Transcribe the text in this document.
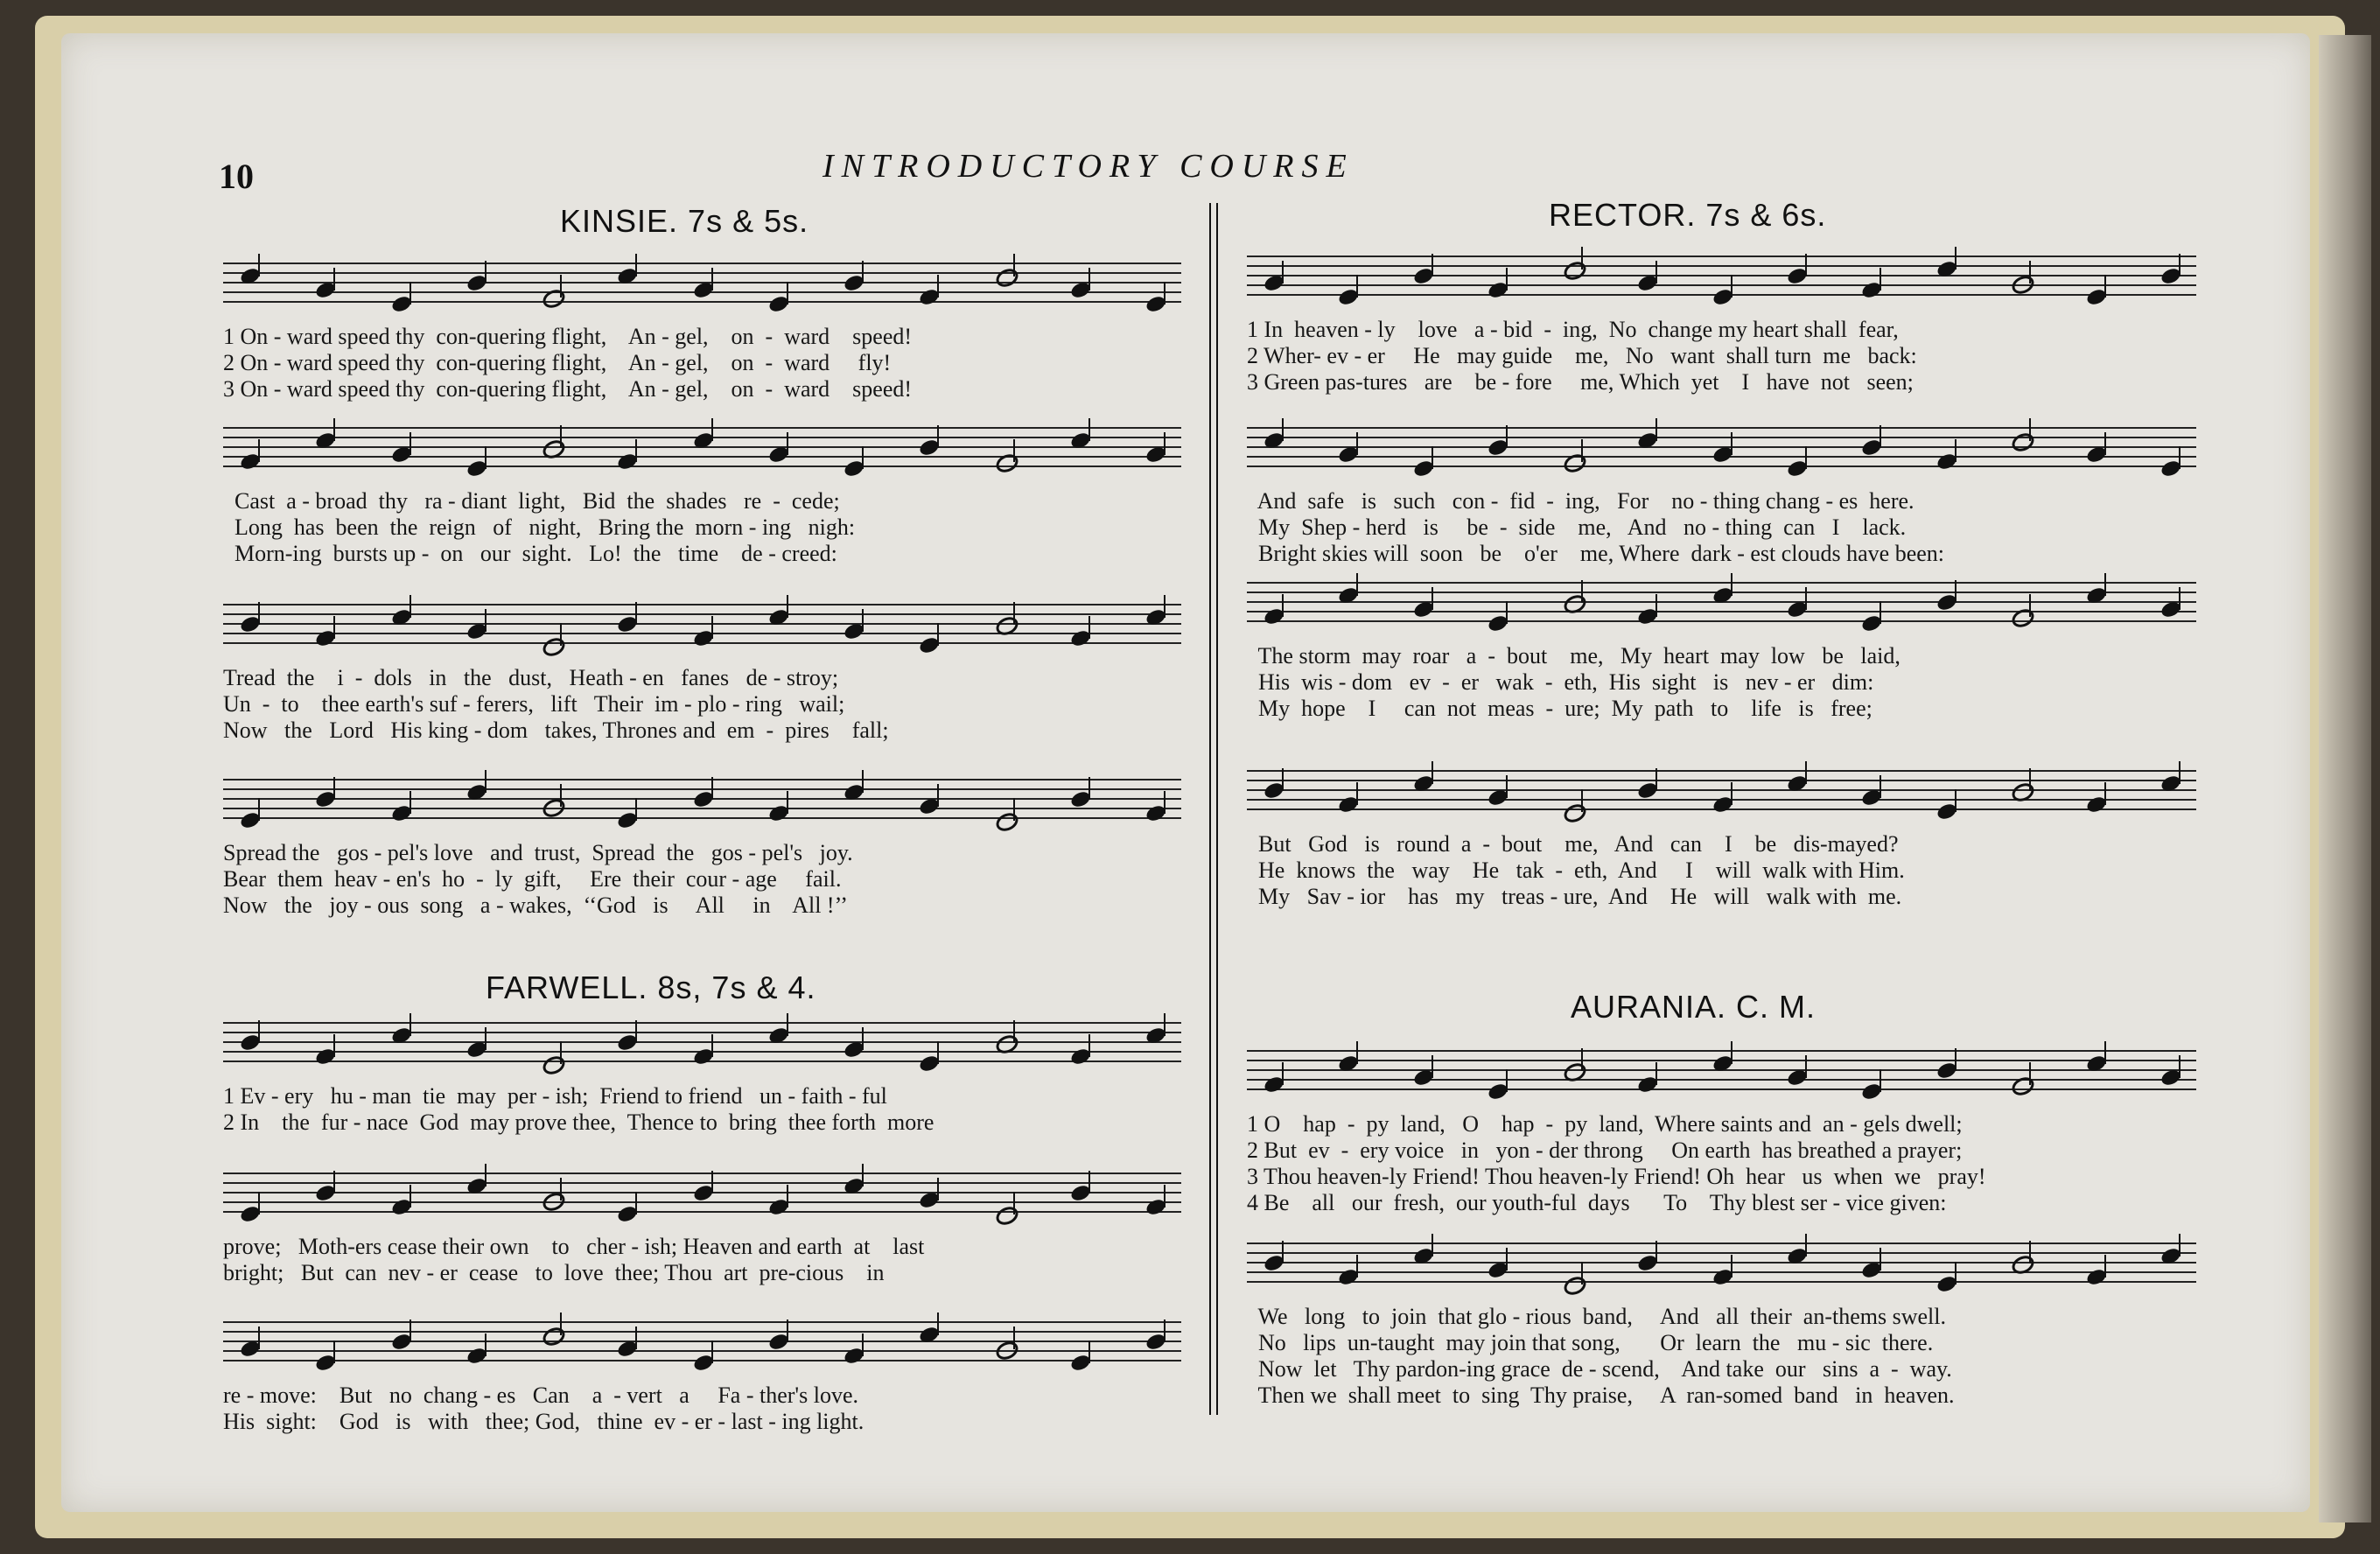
10	INTRODUCTORY COURSE
KINSIE. 7s & 5s.
1 On - ward speed thy  con-quering flight,    An - gel,    on  -  ward    speed!
2 On - ward speed thy  con-quering flight,    An - gel,    on  -  ward     fly!
3 On - ward speed thy  con-quering flight,    An - gel,    on  -  ward    speed!
Cast  a - broad  thy   ra - diant  light,   Bid  the  shades   re  -  cede;
Long  has  been  the  reign   of   night,   Bring the  morn - ing   nigh:
Morn-ing  bursts up -  on   our  sight.   Lo!  the   time    de - creed:
Tread  the    i  -  dols   in   the   dust,   Heath - en   fanes   de - stroy;
Un  -  to    thee earth's suf - ferers,   lift   Their  im - plo - ring   wail;
Now   the   Lord   His king - dom   takes, Thrones and  em  -  pires    fall;
Spread the   gos - pel's love   and  trust,  Spread  the   gos - pel's   joy.
Bear  them  heav - en's  ho  -  ly  gift,     Ere  their  cour - age     fail.
Now   the   joy - ous  song   a - wakes,  ‘‘God   is     All     in    All !’’
FARWELL. 8s, 7s & 4.
1 Ev - ery   hu - man  tie  may  per - ish;  Friend to friend   un - faith - ful
2 In    the  fur - nace  God  may prove thee,  Thence to  bring  thee forth  more
prove;   Moth-ers cease their own    to   cher - ish; Heaven and earth  at    last
bright;   But  can  nev - er  cease   to  love  thee; Thou  art  pre-cious    in
re - move:    But   no  chang - es   Can    a  - vert   a     Fa - ther's love.
His  sight:    God   is   with   thee; God,   thine  ev - er - last - ing light.
RECTOR. 7s & 6s.
1 In  heaven - ly    love   a - bid  -  ing,  No  change my heart shall  fear,
2 Wher- ev - er     He   may guide    me,   No   want  shall turn  me   back:
3 Green pas-tures   are    be - fore     me, Which  yet    I   have  not   seen;
And  safe   is   such   con -  fid  -  ing,   For    no - thing chang - es  here.
My  Shep - herd   is     be  -  side    me,   And   no - thing  can   I    lack.
Bright skies will  soon   be    o'er    me, Where  dark - est clouds have been:
The storm  may  roar   a  -  bout    me,   My  heart  may  low   be   laid,
His  wis - dom   ev  -  er   wak  -  eth,  His  sight   is   nev - er   dim:
My  hope    I     can  not  meas  -  ure;  My  path   to    life   is   free;
But   God   is   round  a  -  bout    me,   And   can    I    be   dis-mayed?
He  knows  the   way    He   tak  -  eth,  And     I    will  walk with Him.
My   Sav - ior    has   my   treas - ure,  And    He   will   walk with  me.
AURANIA. C. M.
1 O    hap  -  py  land,   O    hap  -  py  land,  Where saints and  an - gels dwell;
2 But  ev  -  ery voice   in   yon - der throng     On earth  has breathed a prayer;
3 Thou heaven-ly Friend! Thou heaven-ly Friend! Oh  hear   us  when  we   pray!
4 Be    all   our  fresh,  our youth-ful  days      To    Thy blest ser - vice given:
We   long   to  join  that glo - rious  band,     And   all  their  an-thems swell.
No   lips  un-taught  may join that song,       Or  learn  the   mu - sic  there.
Now  let   Thy pardon-ing grace  de - scend,    And take  our   sins  a  -  way.
Then we  shall meet  to  sing  Thy praise,     A  ran-somed  band   in  heaven.
